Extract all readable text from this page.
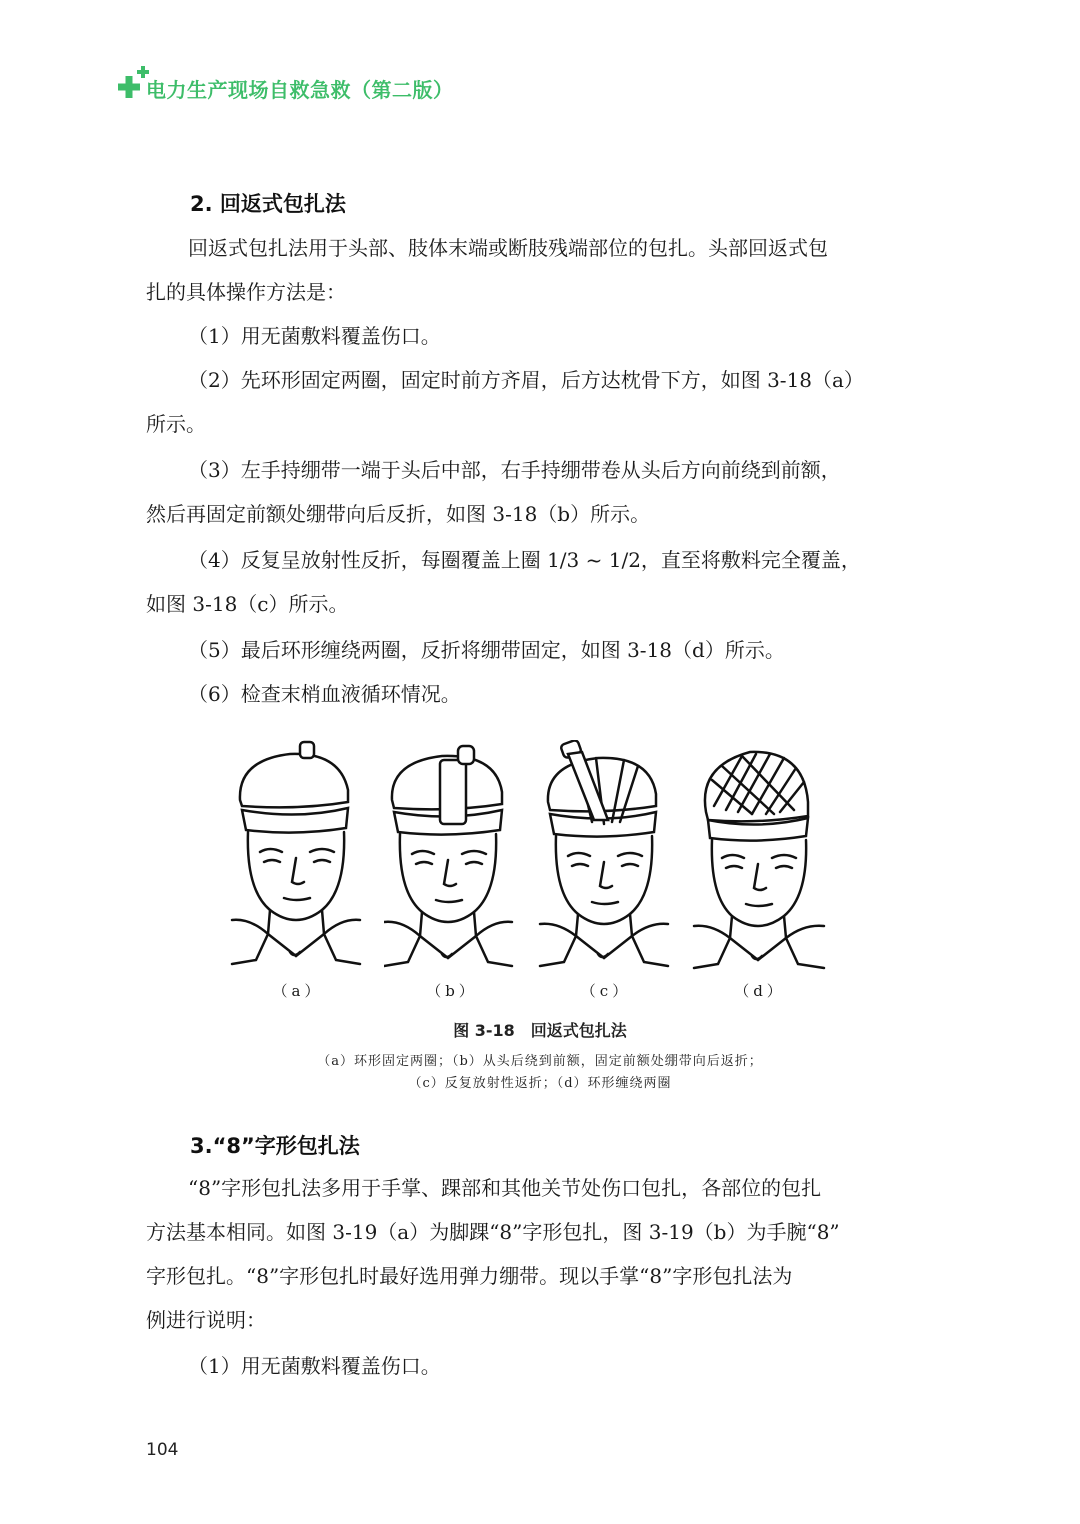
电力生产现场自救急救（第二版）
2. 回返式包扎法
回返式包扎法用于头部、肢体末端或断肢残端部位的包扎。头部回返式包
扎的具体操作方法是：
（1）用无菌敷料覆盖伤口。
（2）先环形固定两圈，固定时前方齐眉，后方达枕骨下方，如图 3-18（a）
所示。
（3）左手持绷带一端于头后中部，右手持绷带卷从头后方向前绕到前额，
然后再固定前额处绷带向后反折，如图 3-18（b）所示。
（4）反复呈放射性反折，每圈覆盖上圈 1/3 ~ 1/2，直至将敷料完全覆盖，
如图 3-18（c）所示。
（5）最后环形缠绕两圈，反折将绷带固定，如图 3-18（d）所示。
（6）检查末梢血液循环情况。
（a）	（b）	（c）	（d）
图 3-18　回返式包扎法
（a）环形固定两圈；（b）从头后绕到前额，固定前额处绷带向后返折；
（c）反复放射性返折；（d）环形缠绕两圈
3.“8”字形包扎法
“8”字形包扎法多用于手掌、踝部和其他关节处伤口包扎，各部位的包扎
方法基本相同。如图 3-19（a）为脚踝“8”字形包扎，图 3-19（b）为手腕“8”
字形包扎。“8”字形包扎时最好选用弹力绷带。现以手掌“8”字形包扎法为
例进行说明：
（1）用无菌敷料覆盖伤口。
104
